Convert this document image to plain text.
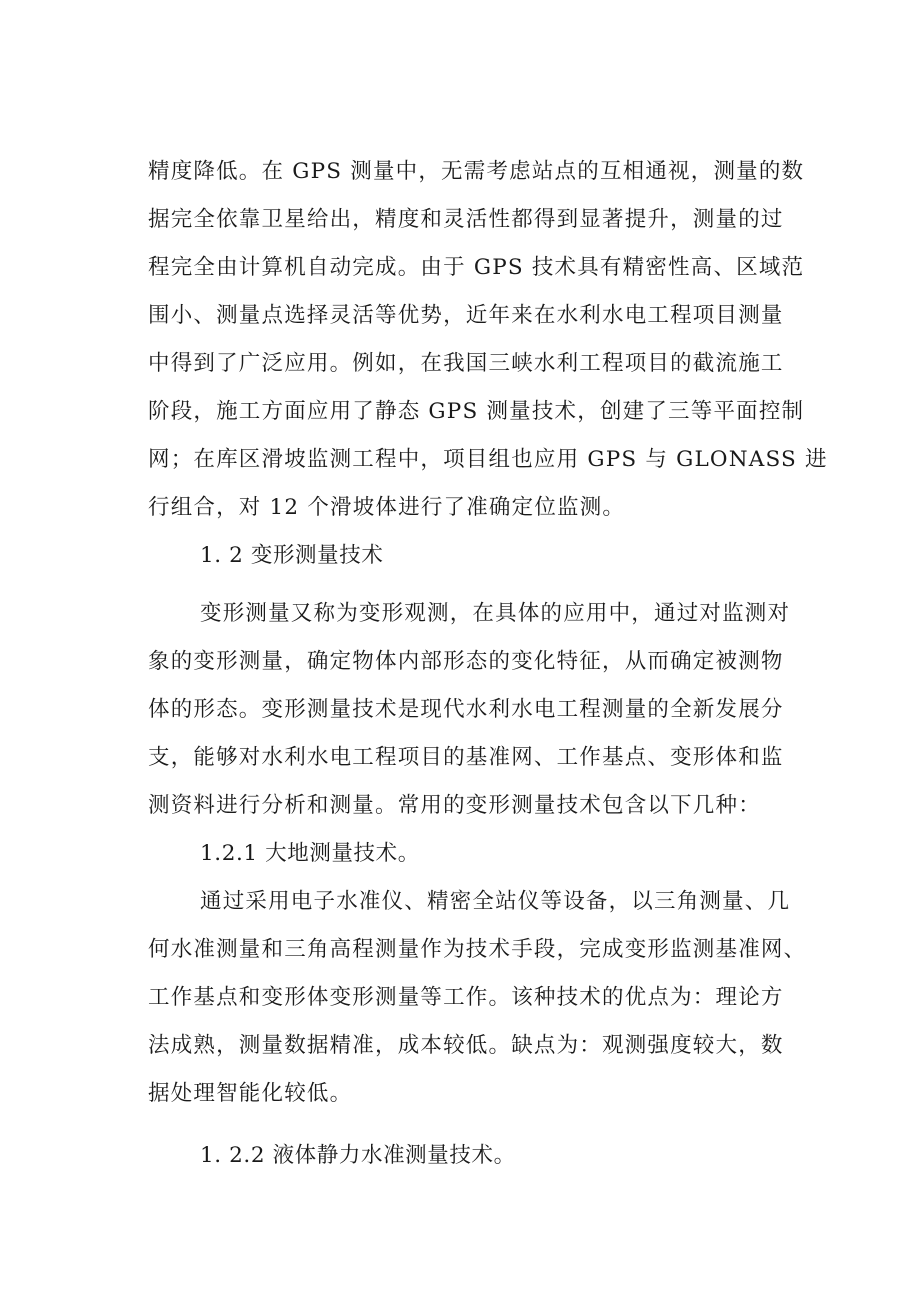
精度降低。在 GPS 测量中，无需考虑站点的互相通视，测量的数
据完全依靠卫星给出，精度和灵活性都得到显著提升，测量的过
程完全由计算机自动完成。由于 GPS 技术具有精密性高、区域范
围小、测量点选择灵活等优势，近年来在水利水电工程项目测量
中得到了广泛应用。例如，在我国三峡水利工程项目的截流施工
阶段，施工方面应用了静态 GPS 测量技术，创建了三等平面控制
网；在库区滑坡监测工程中，项目组也应用 GPS 与 GLONASS 进
行组合，对 12 个滑坡体进行了准确定位监测。
1. 2 变形测量技术
变形测量又称为变形观测，在具体的应用中，通过对监测对
象的变形测量，确定物体内部形态的变化特征，从而确定被测物
体的形态。变形测量技术是现代水利水电工程测量的全新发展分
支，能够对水利水电工程项目的基准网、工作基点、变形体和监
测资料进行分析和测量。常用的变形测量技术包含以下几种：
1.2.1 大地测量技术。
通过采用电子水准仪、精密全站仪等设备，以三角测量、几
何水准测量和三角高程测量作为技术手段，完成变形监测基准网、
工作基点和变形体变形测量等工作。该种技术的优点为：理论方
法成熟，测量数据精准，成本较低。缺点为：观测强度较大，数
据处理智能化较低。
1. 2.2 液体静力水准测量技术。
